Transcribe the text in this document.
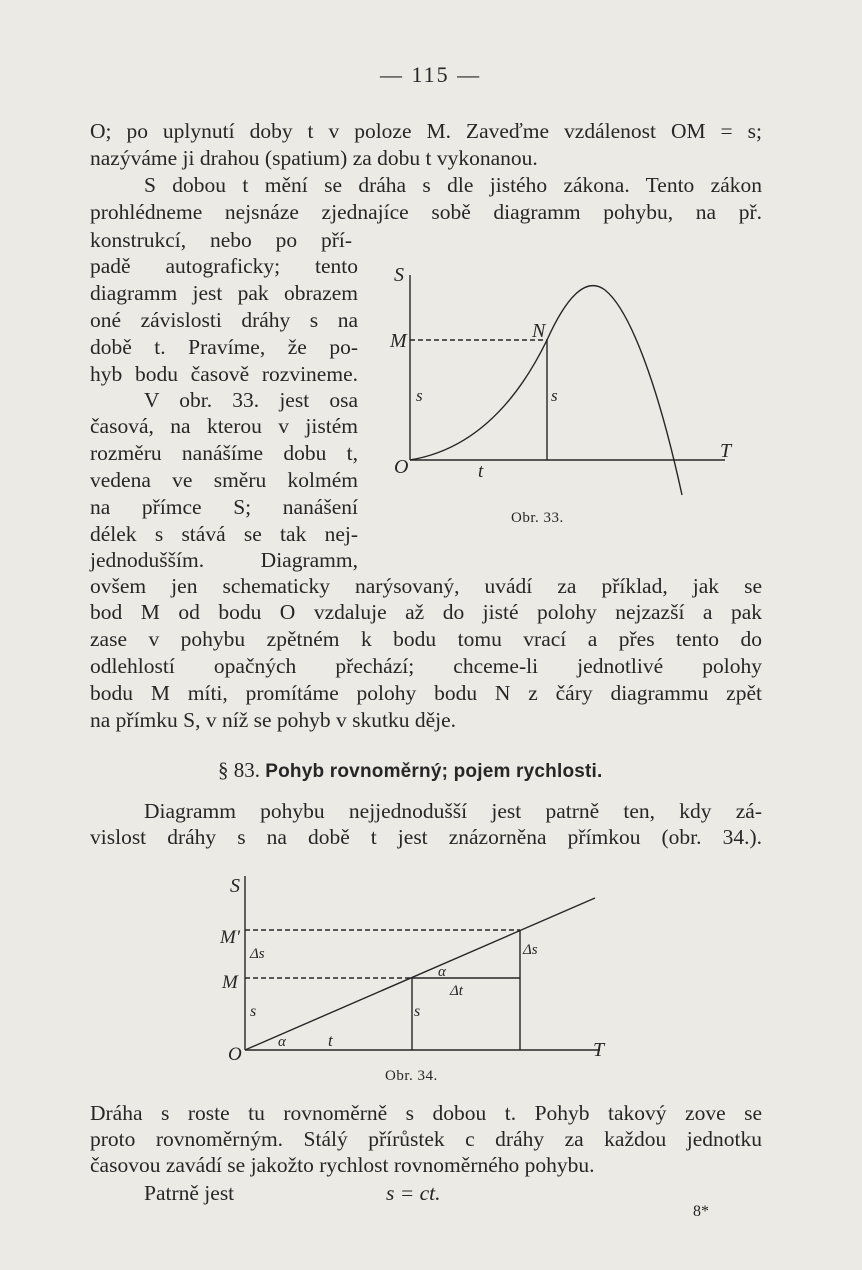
— 115 —
O; po uplynutí doby t v poloze M. Zaveďme vzdálenost OM = s;
nazýváme ji drahou (spatium) za dobu t vykonanou.
S dobou t mění se dráha s dle jistého zákona. Tento zákon
prohlédneme nejsnáze zjednajíce sobě diagramm pohybu, na př.
konstrukcí, nebo po pří-
padě autograficky; tento
diagramm jest pak obrazem
oné závislosti dráhy s na
době t. Pravíme, že po-
hyb bodu časově rozvineme.
V obr. 33. jest osa
časová, na kterou v jistém
rozměru nanášíme dobu t,
vedena ve směru kolmém
na přímce S; nanášení
délek s stává se tak nej-
jednodušším. Diagramm,
ovšem jen schematicky narýsovaný, uvádí za příklad, jak se
bod M od bodu O vzdaluje až do jisté polohy nejzazší a pak
zase v pohybu zpětném k bodu tomu vrací a přes tento do
odlehlostí opačných přechází; chceme-li jednotlivé polohy
bodu M míti, promítáme polohy bodu N z čáry diagrammu zpět
na přímku S, v níž se pohyb v skutku děje.
S
M	N
O
T
t
s	s
Obr. 33.
§ 83. Pohyb rovnoměrný; pojem rychlosti.
Diagramm pohybu nejjednodušší jest patrně ten, kdy zá-
vislost dráhy s na době t jest znázorněna přímkou (obr. 34.).
S
M'
M
O	T
t
s	s
Δs	Δs
Δt
α
α
Obr. 34.
Dráha s roste tu rovnoměrně s dobou t. Pohyb takový zove se
proto rovnoměrným. Stálý přírůstek c dráhy za každou jednotku
časovou zavádí se jakožto rychlost rovnoměrného pohybu.
Patrně jest	s = ct.
8*
